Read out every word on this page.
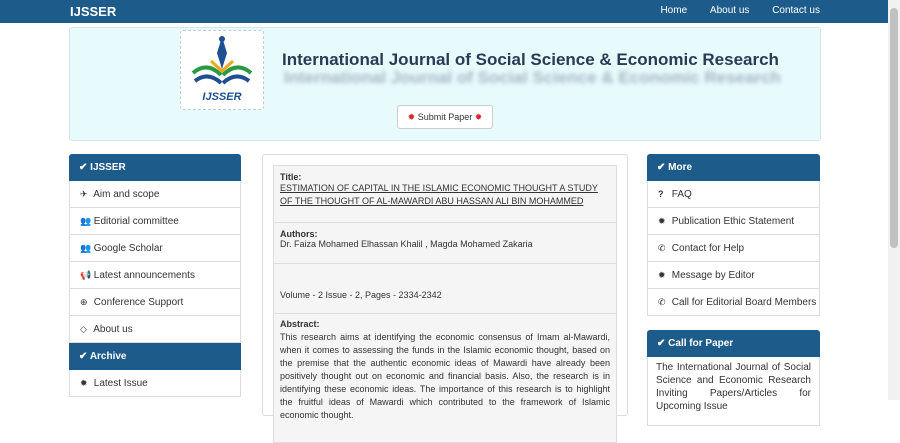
IJSSER	Home About us Contact us
IJSSER
International Journal of Social Science & Economic Research
International Journal of Social Science & Economic Research
✹ Submit Paper ✹
✔ IJSSER
✈ Aim and scope
👥 Editorial committee
👥 Google Scholar
📢 Latest announcements
⊕ Conference Support
◇ About us
✔ Archive
✹ Latest Issue
Title:
ESTIMATION OF CAPITAL IN THE ISLAMIC ECONOMIC THOUGHT A STUDY OF THE THOUGHT OF AL-MAWARDI ABU HASSAN ALI BIN MOHAMMED
Authors:
Dr. Faiza Mohamed Elhassan Khalil , Magda Mohamed Zakaria
Volume - 2 Issue - 2, Pages - 2334-2342
Abstract:
This research aims at identifying the economic consensus of Imam al-Mawardi, when it comes to assessing the funds in the Islamic economic thought, based on the premise that the authentic economic ideas of Mawardi have already been positively thought out on economic and financial basis. Also, the research is in identifying these economic ideas. The importance of this research is to highlight the fruitful ideas of Mawardi which contributed to the framework of Islamic economic thought.
✔ More
? FAQ
✹ Publication Ethic Statement
✆ Contact for Help
✹ Message by Editor
✆ Call for Editorial Board Members
✔ Call for Paper
The International Journal of Social Science and Economic Research Inviting Papers/Articles for Upcoming Issue
